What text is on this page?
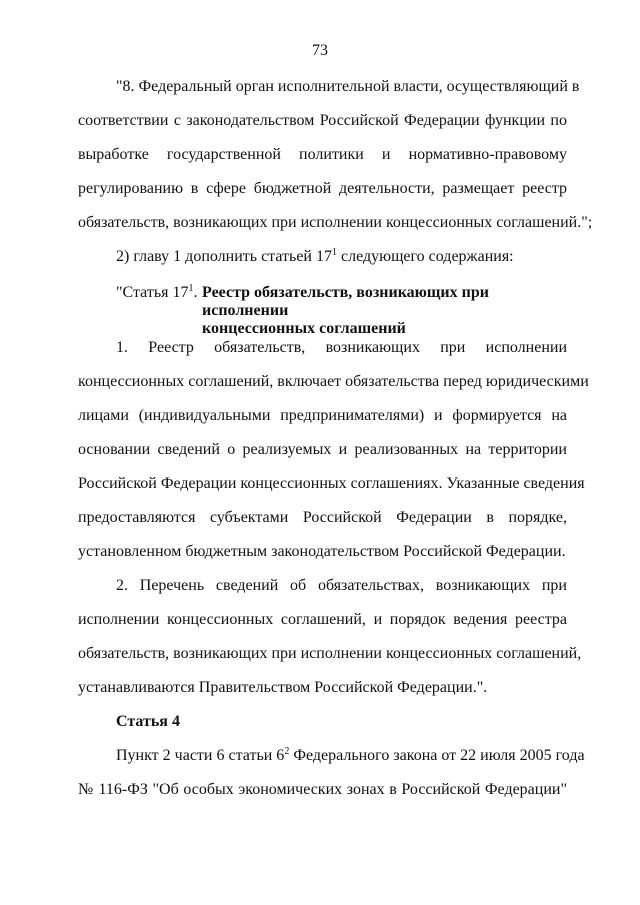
73
"8. Федеральный орган исполнительной власти, осуществляющий в
соответствии с законодательством Российской Федерации функции по
выработке государственной политики и нормативно-правовому
регулированию в сфере бюджетной деятельности, размещает реестр
обязательств, возникающих при исполнении концессионных соглашений.";
2) главу 1 дополнить статьей $17^1$ следующего содержания:
"Статья $17^1$. Реестр обязательств, возникающих при исполнении
концессионных соглашений
1. Реестр обязательств, возникающих при исполнении
концессионных соглашений, включает обязательства перед юридическими
лицами (индивидуальными предпринимателями) и формируется на
основании сведений о реализуемых и реализованных на территории
Российской Федерации концессионных соглашениях. Указанные сведения
предоставляются субъектами Российской Федерации в порядке,
установленном бюджетным законодательством Российской Федерации.
2. Перечень сведений об обязательствах, возникающих при
исполнении концессионных соглашений, и порядок ведения реестра
обязательств, возникающих при исполнении концессионных соглашений,
устанавливаются Правительством Российской Федерации.".
Статья 4
Пункт 2 части 6 статьи $6^2$ Федерального закона от 22 июля 2005 года
№ 116-ФЗ "Об особых экономических зонах в Российской Федерации"
